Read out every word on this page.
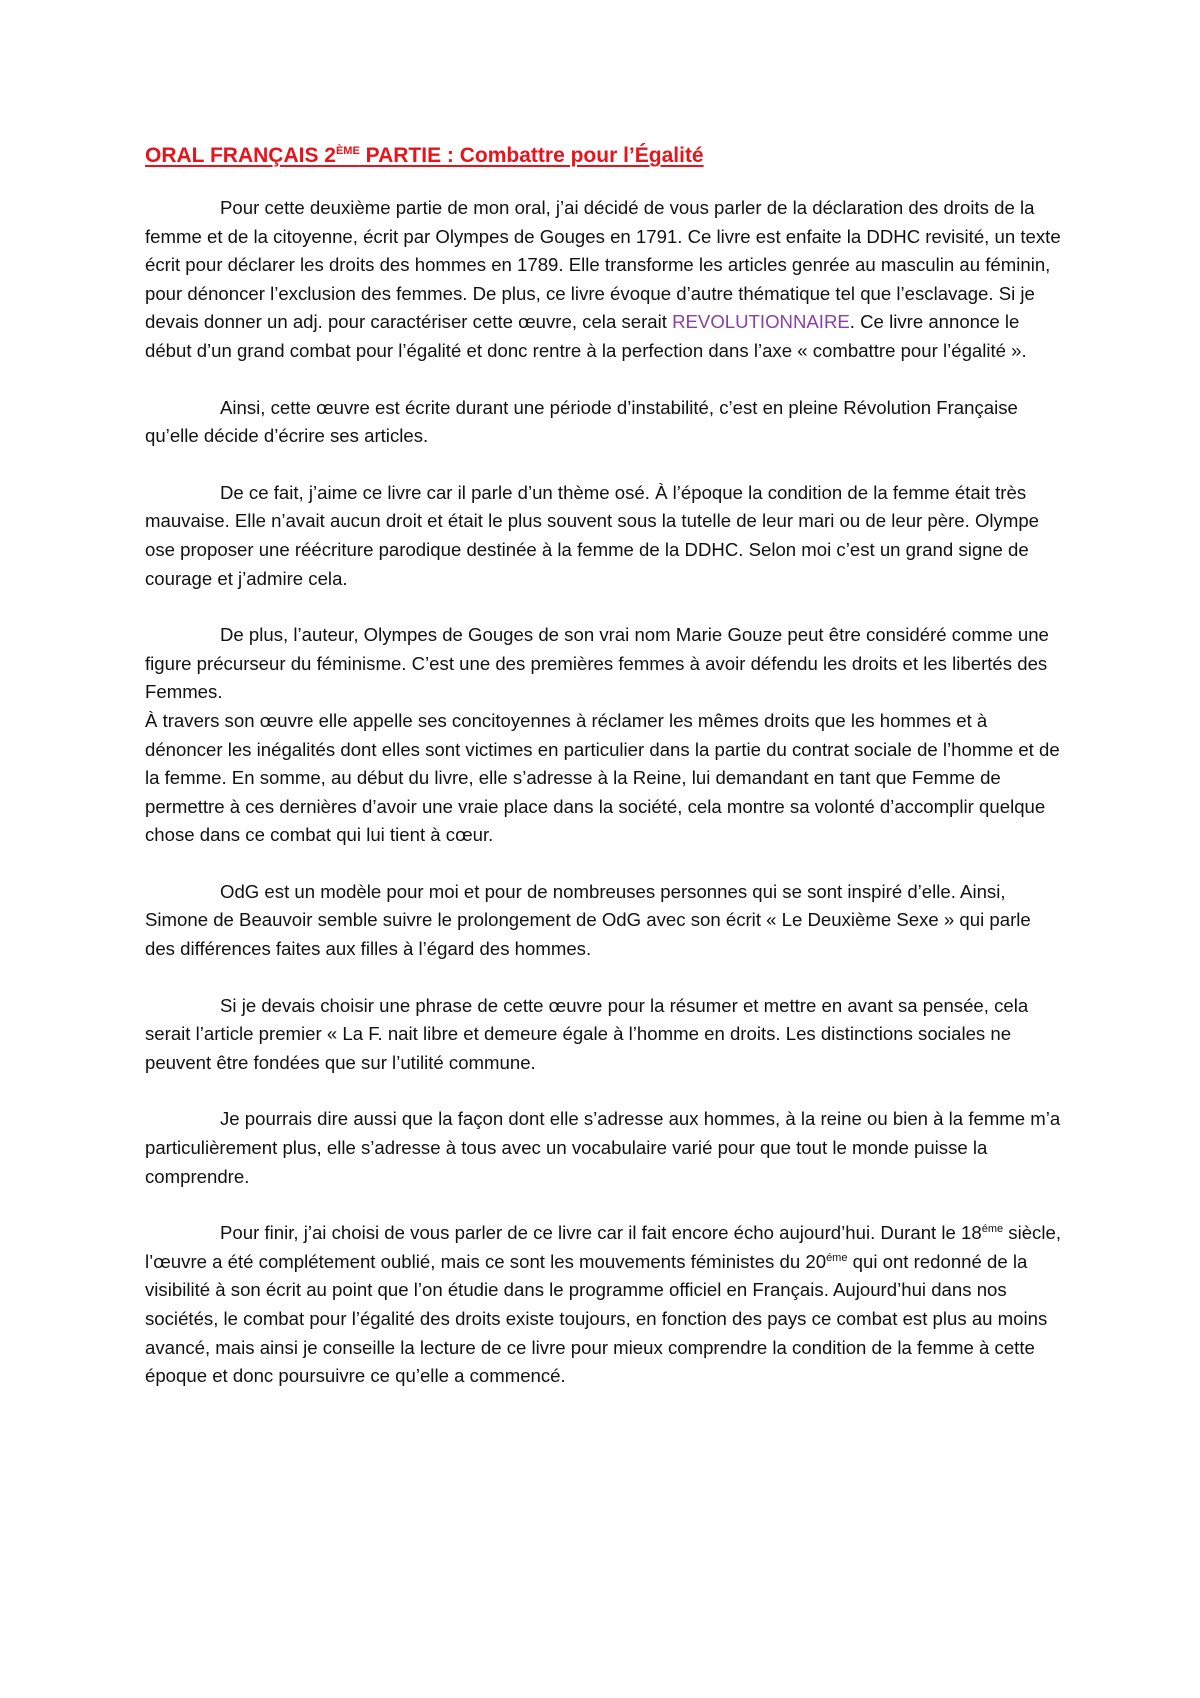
ORAL FRANÇAIS 2ÈME PARTIE : Combattre pour l’Égalité

Pour cette deuxième partie de mon oral, j’ai décidé de vous parler de la déclaration des droits de la femme et de la citoyenne, écrit par Olympes de Gouges en 1791. Ce livre est enfaite la DDHC revisité, un texte écrit pour déclarer les droits des hommes en 1789. Elle transforme les articles genrée au masculin au féminin, pour dénoncer l’exclusion des femmes. De plus, ce livre évoque d’autre thématique tel que l’esclavage. Si je devais donner un adj. pour caractériser cette œuvre, cela serait REVOLUTIONNAIRE. Ce livre annonce le début d’un grand combat pour l’égalité et donc rentre à la perfection dans l’axe « combattre pour l’égalité ».

Ainsi, cette œuvre est écrite durant une période d’instabilité, c’est en pleine Révolution Française qu’elle décide d’écrire ses articles.

De ce fait, j’aime ce livre car il parle d’un thème osé. À l’époque la condition de la femme était très mauvaise. Elle n’avait aucun droit et était le plus souvent sous la tutelle de leur mari ou de leur père. Olympe ose proposer une réécriture parodique destinée à la femme de la DDHC. Selon moi c’est un grand signe de courage et j’admire cela.

De plus, l’auteur, Olympes de Gouges de son vrai nom Marie Gouze peut être considéré comme une figure précurseur du féminisme. C’est une des premières femmes à avoir défendu les droits et les libertés des Femmes.

À travers son œuvre elle appelle ses concitoyennes à réclamer les mêmes droits que les hommes et à dénoncer les inégalités dont elles sont victimes en particulier dans la partie du contrat sociale de l’homme et de la femme. En somme, au début du livre, elle s’adresse à la Reine, lui demandant en tant que Femme de permettre à ces dernières d’avoir une vraie place dans la société, cela montre sa volonté d’accomplir quelque chose dans ce combat qui lui tient à cœur.

OdG est un modèle pour moi et pour de nombreuses personnes qui se sont inspiré d’elle. Ainsi, Simone de Beauvoir semble suivre le prolongement de OdG avec son écrit « Le Deuxième Sexe » qui parle des différences faites aux filles à l’égard des hommes.

Si je devais choisir une phrase de cette œuvre pour la résumer et mettre en avant sa pensée, cela serait l’article premier « La F. nait libre et demeure égale à l’homme en droits. Les distinctions sociales ne peuvent être fondées que sur l’utilité commune.

Je pourrais dire aussi que la façon dont elle s’adresse aux hommes, à la reine ou bien à la femme m’a particulièrement plus, elle s’adresse à tous avec un vocabulaire varié pour que tout le monde puisse la comprendre.

Pour finir, j’ai choisi de vous parler de ce livre car il fait encore écho aujourd’hui. Durant le $18^{éme}$ siècle, l’œuvre a été complétement oublié, mais ce sont les mouvements féministes du $20^{éme}$ qui ont redonné de la visibilité à son écrit au point que l’on étudie dans le programme officiel en Français. Aujourd’hui dans nos sociétés, le combat pour l’égalité des droits existe toujours, en fonction des pays ce combat est plus au moins avancé, mais ainsi je conseille la lecture de ce livre pour mieux comprendre la condition de la femme à cette époque et donc poursuivre ce qu’elle a commencé.
